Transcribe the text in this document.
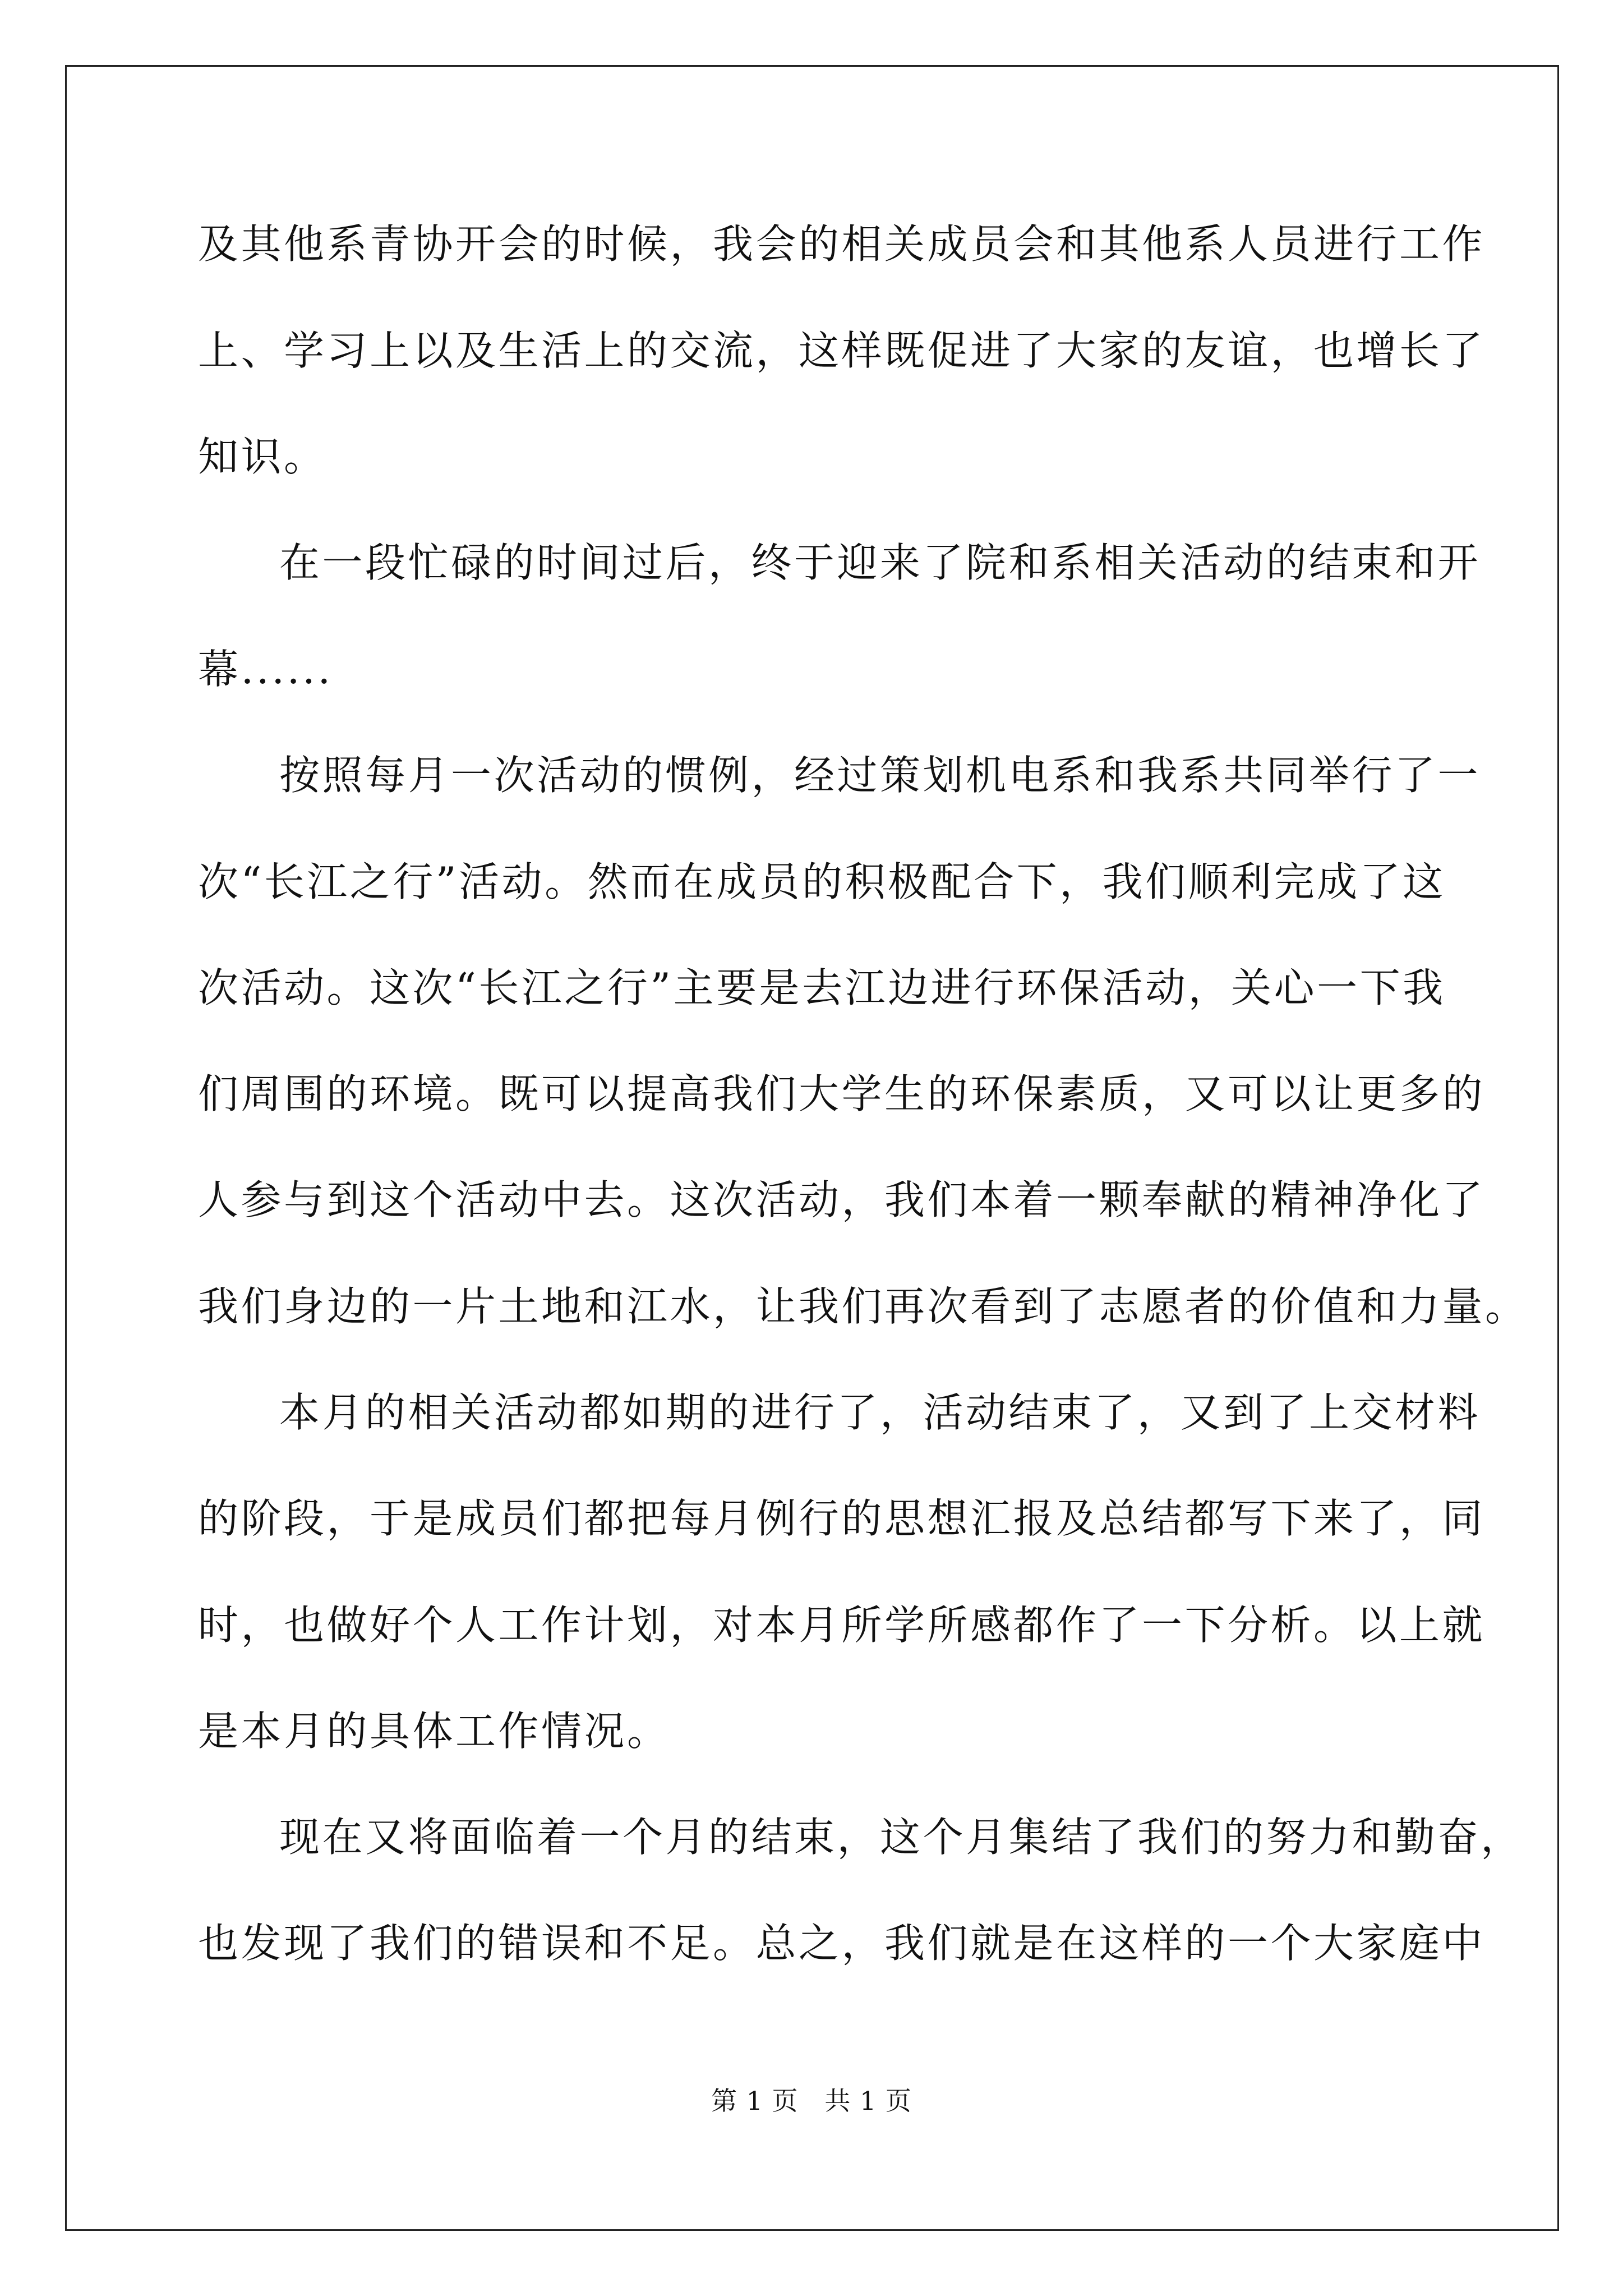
及其他系青协开会的时候，我会的相关成员会和其他系人员进行工作
上、学习上以及生活上的交流，这样既促进了大家的友谊，也增长了
知识。
在一段忙碌的时间过后，终于迎来了院和系相关活动的结束和开
幕......
按照每月一次活动的惯例，经过策划机电系和我系共同举行了一
次“长江之行”活动。然而在成员的积极配合下，我们顺利完成了这
次活动。这次“长江之行”主要是去江边进行环保活动，关心一下我
们周围的环境。既可以提高我们大学生的环保素质，又可以让更多的
人参与到这个活动中去。这次活动，我们本着一颗奉献的精神净化了
我们身边的一片土地和江水，让我们再次看到了志愿者的价值和力量。
本月的相关活动都如期的进行了，活动结束了，又到了上交材料
的阶段，于是成员们都把每月例行的思想汇报及总结都写下来了，同
时，也做好个人工作计划，对本月所学所感都作了一下分析。以上就
是本月的具体工作情况。
现在又将面临着一个月的结束，这个月集结了我们的努力和勤奋，
也发现了我们的错误和不足。总之，我们就是在这样的一个大家庭中
第 1 页   共 1 页
